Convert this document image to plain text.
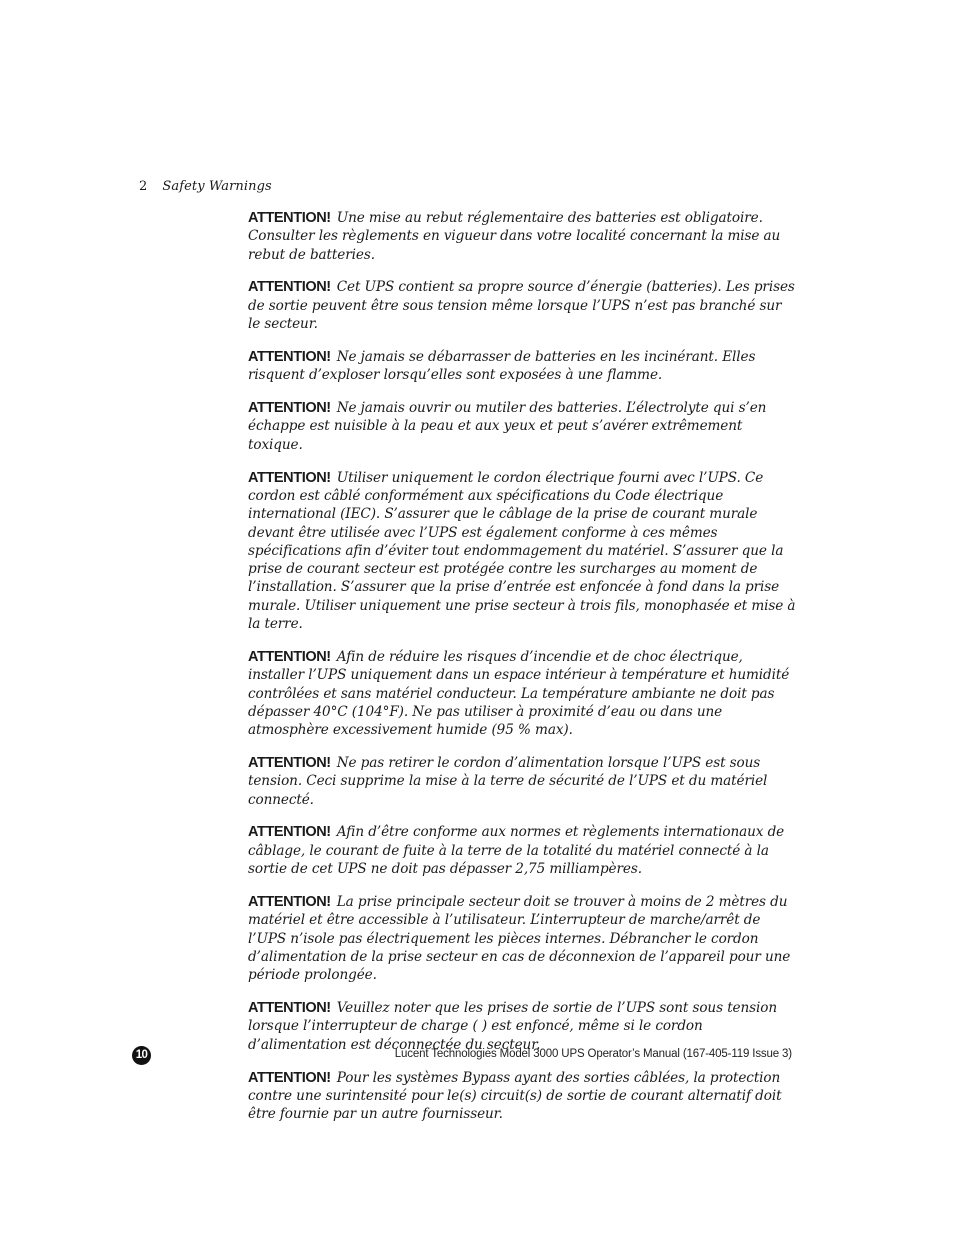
2 Safety Warnings

ATTENTION! Une mise au rebut réglementaire des batteries est obligatoire. Consulter les règlements en vigueur dans votre localité concernant la mise au rebut de batteries.

ATTENTION! Cet UPS contient sa propre source d’énergie (batteries). Les prises de sortie peuvent être sous tension même lorsque l’UPS n’est pas branché sur le secteur.

ATTENTION! Ne jamais se débarrasser de batteries en les incinérant. Elles risquent d’exploser lorsqu’elles sont exposées à une flamme.

ATTENTION! Ne jamais ouvrir ou mutiler des batteries. L’électrolyte qui s’en échappe est nuisible à la peau et aux yeux et peut s’avérer extrêmement toxique.

ATTENTION! Utiliser uniquement le cordon électrique fourni avec l’UPS. Ce cordon est câblé conformément aux spécifications du Code électrique international (IEC). S’assurer que le câblage de la prise de courant murale devant être utilisée avec l’UPS est également conforme à ces mêmes spécifications afin d’éviter tout endommagement du matériel. S’assurer que la prise de courant secteur est protégée contre les surcharges au moment de l’installation. S’assurer que la prise d’entrée est enfoncée à fond dans la prise murale. Utiliser uniquement une prise secteur à trois fils, monophasée et mise à la terre.

ATTENTION! Afin de réduire les risques d’incendie et de choc électrique, installer l’UPS uniquement dans un espace intérieur à température et humidité contrôlées et sans matériel conducteur. La température ambiante ne doit pas dépasser 40°C (104°F). Ne pas utiliser à proximité d’eau ou dans une atmosphère excessivement humide (95 % max).

ATTENTION! Ne pas retirer le cordon d’alimentation lorsque l’UPS est sous tension. Ceci supprime la mise à la terre de sécurité de l’UPS et du matériel connecté.

ATTENTION! Afin d’être conforme aux normes et règlements internationaux de câblage, le courant de fuite à la terre de la totalité du matériel connecté à la sortie de cet UPS ne doit pas dépasser 2,75 milliampères.

ATTENTION! La prise principale secteur doit se trouver à moins de 2 mètres du matériel et être accessible à l’utilisateur. L’interrupteur de marche/arrêt de l’UPS n’isole pas électriquement les pièces internes. Débrancher le cordon d’alimentation de la prise secteur en cas de déconnexion de l’appareil pour une période prolongée.

ATTENTION! Veuillez noter que les prises de sortie de l’UPS sont sous tension lorsque l’interrupteur de charge ( ) est enfoncé, même si le cordon d’alimentation est déconnectée du secteur.

ATTENTION! Pour les systèmes Bypass ayant des sorties câblées, la protection contre une surintensité pour le(s) circuit(s) de sortie de courant alternatif doit être fournie par un autre fournisseur.

10	Lucent Technologies Model 3000 UPS Operator’s Manual (167-405-119 Issue 3)
